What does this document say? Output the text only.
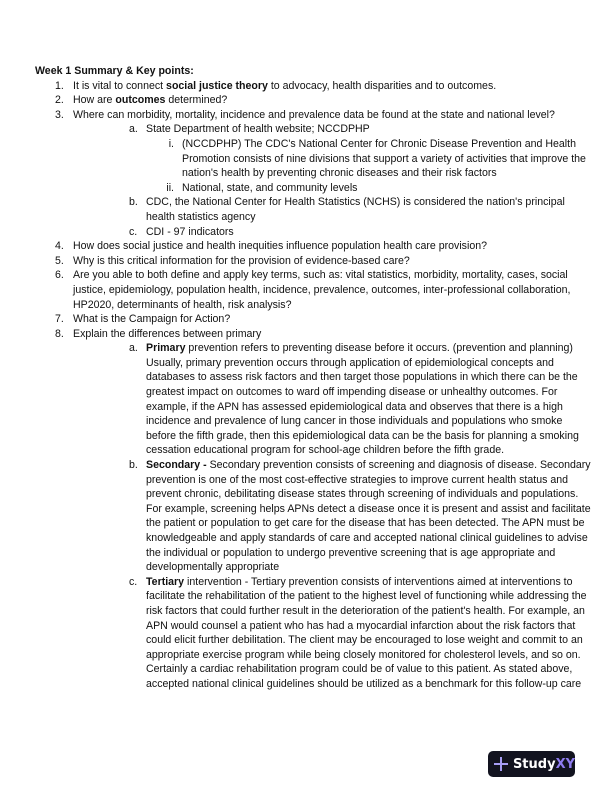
Week 1 Summary & Key points:

1. It is vital to connect social justice theory to advocacy, health disparities and to outcomes.
2. How are outcomes determined?
3. Where can morbidity, mortality, incidence and prevalence data be found at the state and national level?
a. State Department of health website; NCCDPHP
i. (NCCDPHP) The CDC's National Center for Chronic Disease Prevention and Health Promotion consists of nine divisions that support a variety of activities that improve the nation's health by preventing chronic diseases and their risk factors
ii. National, state, and community levels
b. CDC, the National Center for Health Statistics (NCHS) is considered the nation's principal health statistics agency
c. CDI - 97 indicators
4. How does social justice and health inequities influence population health care provision?
5. Why is this critical information for the provision of evidence-based care?
6. Are you able to both define and apply key terms, such as: vital statistics, morbidity, mortality, cases, social justice, epidemiology, population health, incidence, prevalence, outcomes, inter-professional collaboration, HP2020, determinants of health, risk analysis?
7. What is the Campaign for Action?
8. Explain the differences between primary
a. Primary prevention refers to preventing disease before it occurs. (prevention and planning) Usually, primary prevention occurs through application of epidemiological concepts and databases to assess risk factors and then target those populations in which there can be the greatest impact on outcomes to ward off impending disease or unhealthy outcomes. For example, if the APN has assessed epidemiological data and observes that there is a high incidence and prevalence of lung cancer in those individuals and populations who smoke before the fifth grade, then this epidemiological data can be the basis for planning a smoking cessation educational program for school-age children before the fifth grade.
b. Secondary - Secondary prevention consists of screening and diagnosis of disease. Secondary prevention is one of the most cost-effective strategies to improve current health status and prevent chronic, debilitating disease states through screening of individuals and populations. For example, screening helps APNs detect a disease once it is present and assist and facilitate the patient or population to get care for the disease that has been detected. The APN must be knowledgeable and apply standards of care and accepted national clinical guidelines to advise the individual or population to undergo preventive screening that is age appropriate and developmentally appropriate
c. Tertiary intervention - Tertiary prevention consists of interventions aimed at interventions to facilitate the rehabilitation of the patient to the highest level of functioning while addressing the risk factors that could further result in the deterioration of the patient's health. For example, an APN would counsel a patient who has had a myocardial infarction about the risk factors that could elicit further debilitation. The client may be encouraged to lose weight and commit to an appropriate exercise program while being closely monitored for cholesterol levels, and so on. Certainly a cardiac rehabilitation program could be of value to this patient. As stated above, accepted national clinical guidelines should be utilized as a benchmark for this follow-up care
Study XY
